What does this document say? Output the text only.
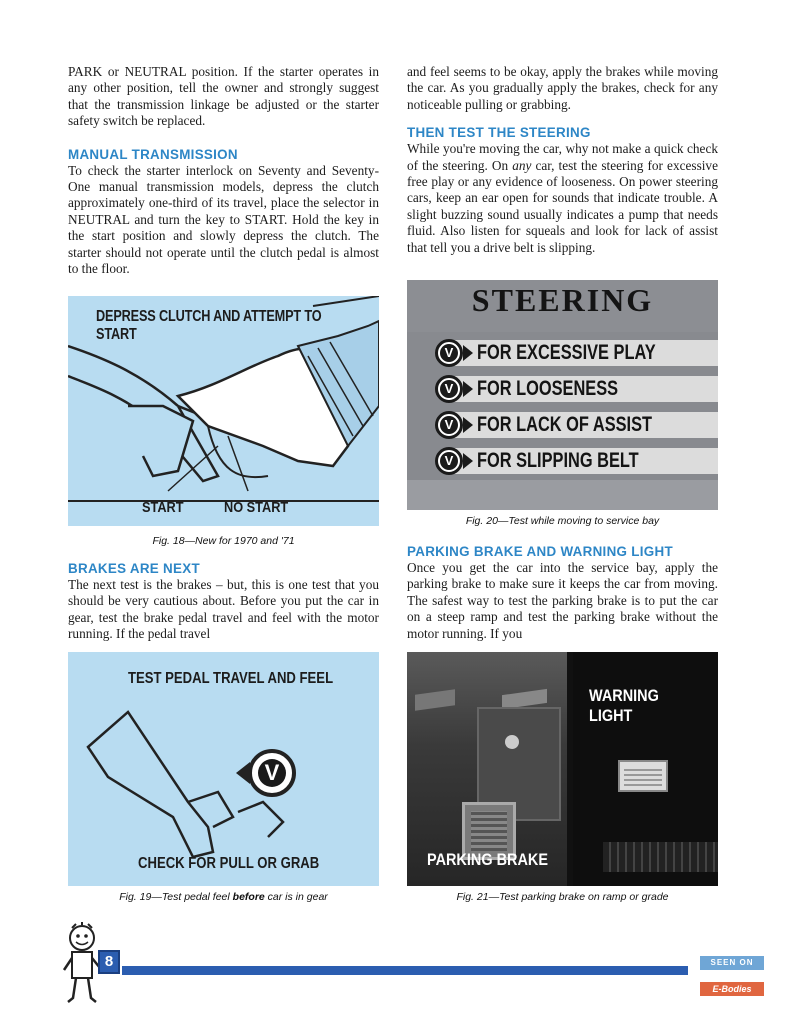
PARK or NEUTRAL position. If the starter operates in any other position, tell the owner and strongly suggest that the transmission linkage be adjusted or the starter safety switch be replaced.

MANUAL TRANSMISSION

To check the starter interlock on Seventy and Seventy-One manual transmission models, depress the clutch approximately one-third of its travel, place the selector in NEUTRAL and turn the key to START. Hold the key in the start position and slowly depress the clutch. The starter should not operate until the clutch pedal is almost to the floor.

DEPRESS CLUTCH AND ATTEMPT TO START
START	NO START
Fig. 18—New for 1970 and '71
BRAKES ARE NEXT

The next test is the brakes – but, this is one test that you should be very cautious about. Before you put the car in gear, test the brake pedal travel and feel with the motor running. If the pedal travel

V
TEST PEDAL TRAVEL AND FEEL
CHECK FOR PULL OR GRAB
Fig. 19—Test pedal feel before car is in gear

and feel seems to be okay, apply the brakes while moving the car. As you gradually apply the brakes, check for any noticeable pulling or grabbing.

THEN TEST THE STEERING

While you're moving the car, why not make a quick check of the steering. On any car, test the steering for excessive free play or any evidence of looseness. On power steering cars, keep an ear open for sounds that indicate trouble. A slight buzzing sound usually indicates a pump that needs fluid. Also listen for squeals and look for lack of assist that tell you a drive belt is slipping.

STEERING
V FOR EXCESSIVE PLAY
V FOR LOOSENESS
V FOR LACK OF ASSIST
V FOR SLIPPING BELT
Fig. 20—Test while moving to service bay
PARKING BRAKE AND WARNING LIGHT

Once you get the car into the service bay, apply the parking brake to make sure it keeps the car from moving. The safest way to test the parking brake is to put the car on a steep ramp and test the parking brake without the motor running. If you

PARKING BRAKE
WARNING LIGHT
Fig. 21—Test parking brake on ramp or grade
8	SEEN ON
E-Bodies
